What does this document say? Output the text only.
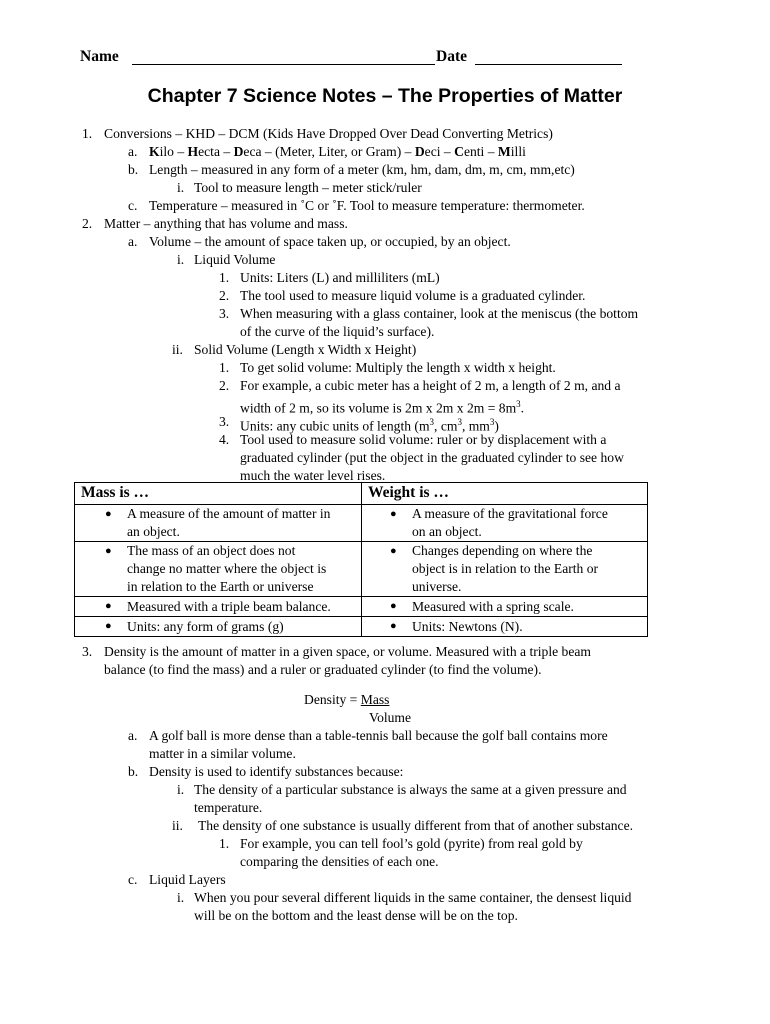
Name	Date
Chapter 7 Science Notes – The Properties of Matter
1. Conversions – KHD – DCM (Kids Have Dropped Over Dead Converting Metrics)
a. Kilo – Hecta – Deca – (Meter, Liter, or Gram) – Deci – Centi – Milli
b. Length – measured in any form of a meter (km, hm, dam, dm, m, cm, mm,etc)
i. Tool to measure length – meter stick/ruler
c. Temperature – measured in ˚C or ˚F. Tool to measure temperature: thermometer.
2. Matter – anything that has volume and mass.
a. Volume – the amount of space taken up, or occupied, by an object.
i. Liquid Volume
1. Units: Liters (L) and milliliters (mL)
2. The tool used to measure liquid volume is a graduated cylinder.
3. When measuring with a glass container, look at the meniscus (the bottom
of the curve of the liquid’s surface).
ii. Solid Volume (Length x Width x Height)
1. To get solid volume: Multiply the length x width x height.
2. For example, a cubic meter has a height of 2 m, a length of 2 m, and a
width of 2 m, so its volume is 2m x 2m x $2m = 8m^3$.
3. Units: any cubic units of length ($m^3$, $cm^3$, $mm^3$)
4. Tool used to measure solid volume: ruler or by displacement with a
graduated cylinder (put the object in the graduated cylinder to see how
much the water level rises.
Mass is …	Weight is …

● A measure of the amount of matter in
an object.	● A measure of the gravitational force
on an object.

● The mass of an object does not
change no matter where the object is
in relation to the Earth or universe	● Changes depending on where the
object is in relation to the Earth or
universe.

● Measured with a triple beam balance.	● Measured with a spring scale.

● Units: any form of grams (g)	● Units: Newtons (N).
3. Density is the amount of matter in a given space, or volume. Measured with a triple beam
balance (to find the mass) and a ruler or graduated cylinder (to find the volume).
Density = Mass
Volume
a. A golf ball is more dense than a table-tennis ball because the golf ball contains more
matter in a similar volume.
b. Density is used to identify substances because:
i. The density of a particular substance is always the same at a given pressure and
temperature.
ii. The density of one substance is usually different from that of another substance.
1. For example, you can tell fool’s gold (pyrite) from real gold by
comparing the densities of each one.
c. Liquid Layers
i. When you pour several different liquids in the same container, the densest liquid
will be on the bottom and the least dense will be on the top.
